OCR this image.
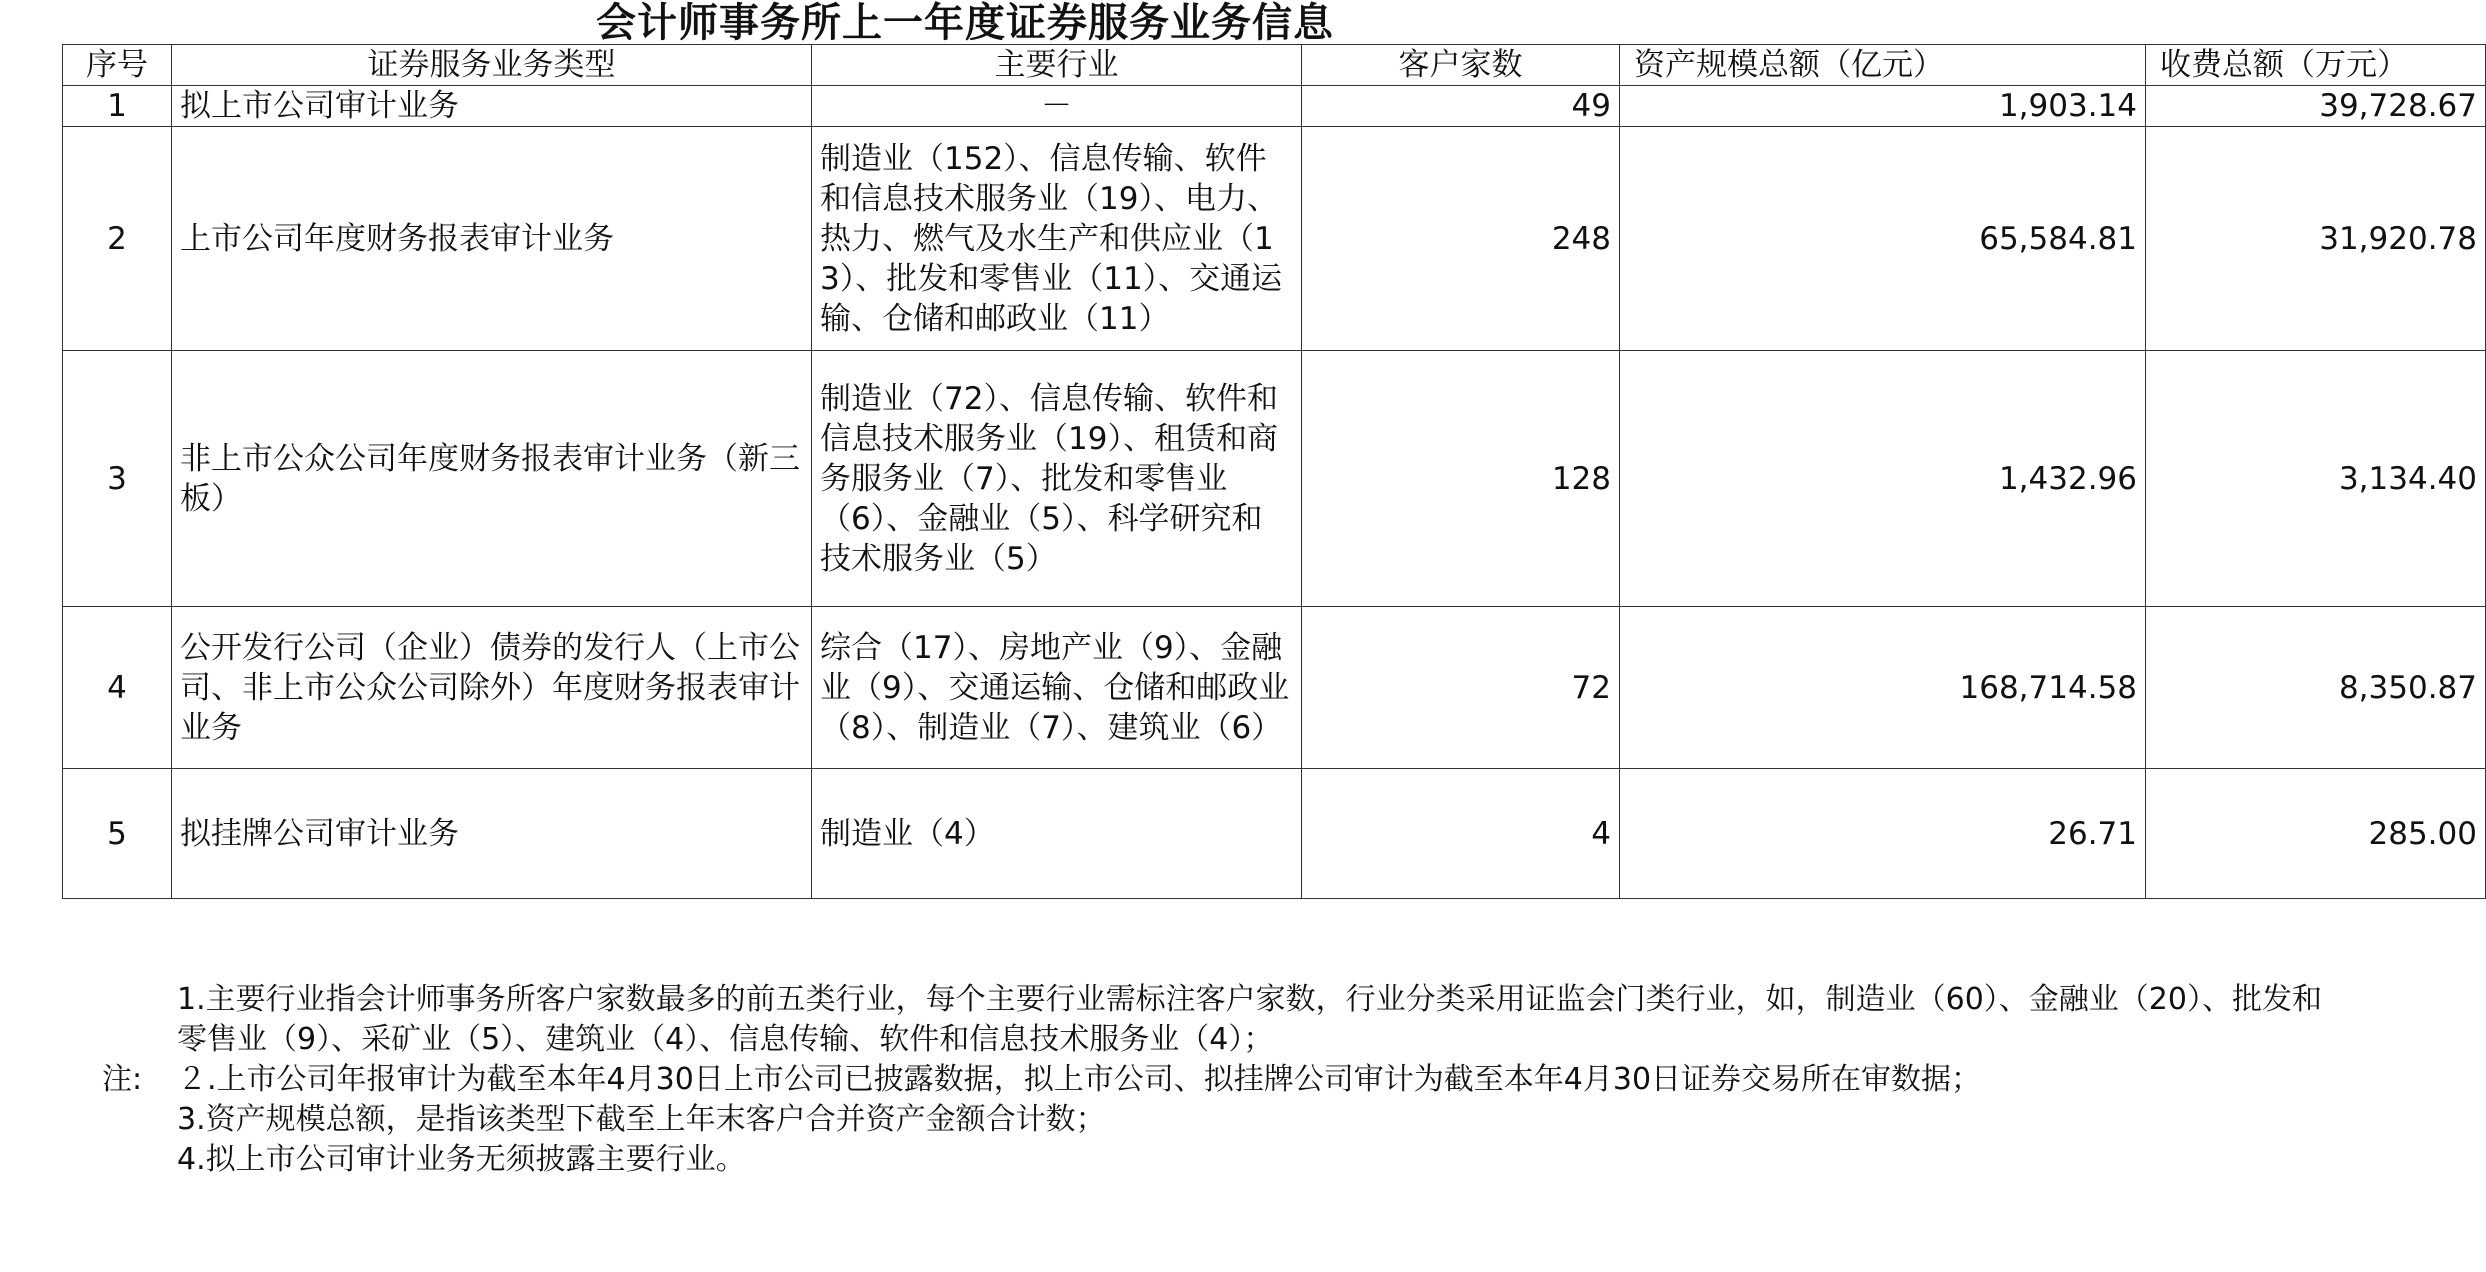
会计师事务所上一年度证券服务业务信息
序号	证券服务业务类型	主要行业	客户家数	资产规模总额（亿元）	收费总额（万元）
1	拟上市公司审计业务	－	49	1,903.14	39,728.67
2	上市公司年度财务报表审计业务	制造业（152）、信息传输、软件和信息技术服务业（19）、电力、热力、燃气及水生产和供应业（13）、批发和零售业（11）、交通运输、仓储和邮政业（11）	248	65,584.81	31,920.78
3	非上市公众公司年度财务报表审计业务（新三板）	制造业（72）、信息传输、软件和信息技术服务业（19）、租赁和商务服务业（7）、批发和零售业（6）、金融业（5）、科学研究和技术服务业（5）	128	1,432.96	3,134.40
4	公开发行公司（企业）债券的发行人（上市公司、非上市公众公司除外）年度财务报表审计业务	综合（17）、房地产业（9）、金融业（9）、交通运输、仓储和邮政业（8）、制造业（7）、建筑业（6）	72	168,714.58	8,350.87
5	拟挂牌公司审计业务	制造业（4）	4	26.71	285.00
注:
1.主要行业指会计师事务所客户家数最多的前五类行业，每个主要行业需标注客户家数，行业分类采用证监会门类行业，如，制造业（60）、金融业（20）、批发和
零售业（9）、采矿业（5）、建筑业（4）、信息传输、软件和信息技术服务业（4）；
２.上市公司年报审计为截至本年4月30日上市公司已披露数据，拟上市公司、拟挂牌公司审计为截至本年4月30日证券交易所在审数据；
3.资产规模总额，是指该类型下截至上年末客户合并资产金额合计数；
4.拟上市公司审计业务无须披露主要行业。
